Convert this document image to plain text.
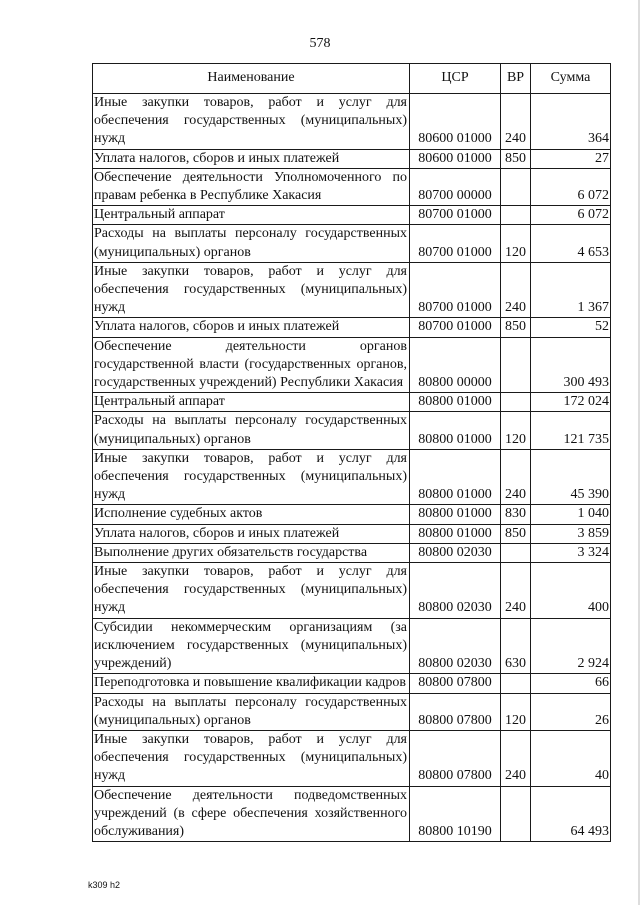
578
Наименование	ЦСР	ВР	Сумма
Иные закупки товаров, работ и услуг для обеспечения государственных (муниципальных) нужд	80600 01000	240	364
Уплата налогов, сборов и иных платежей	80600 01000	850	27
Обеспечение деятельности Уполномоченного по правам ребенка в Республике Хакасия	80700 00000		6 072
Центральный аппарат	80700 01000		6 072
Расходы на выплаты персоналу государственных (муниципальных) органов	80700 01000	120	4 653
Иные закупки товаров, работ и услуг для обеспечения государственных (муниципальных) нужд	80700 01000	240	1 367
Уплата налогов, сборов и иных платежей	80700 01000	850	52
Обеспечение деятельности органов государственной власти (государственных органов, государственных учреждений) Республики Хакасия	80800 00000		300 493
Центральный аппарат	80800 01000		172 024
Расходы на выплаты персоналу государственных (муниципальных) органов	80800 01000	120	121 735
Иные закупки товаров, работ и услуг для обеспечения государственных (муниципальных) нужд	80800 01000	240	45 390
Исполнение судебных актов	80800 01000	830	1 040
Уплата налогов, сборов и иных платежей	80800 01000	850	3 859
Выполнение других обязательств государства	80800 02030		3 324
Иные закупки товаров, работ и услуг для обеспечения государственных (муниципальных) нужд	80800 02030	240	400
Субсидии некоммерческим организациям (за исключением государственных (муниципальных) учреждений)	80800 02030	630	2 924
Переподготовка и повышение квалификации кадров	80800 07800		66
Расходы на выплаты персоналу государственных (муниципальных) органов	80800 07800	120	26
Иные закупки товаров, работ и услуг для обеспечения государственных (муниципальных) нужд	80800 07800	240	40
Обеспечение деятельности подведомственных учреждений (в сфере обеспечения хозяйственного обслуживания)	80800 10190		64 493
k309 h2
